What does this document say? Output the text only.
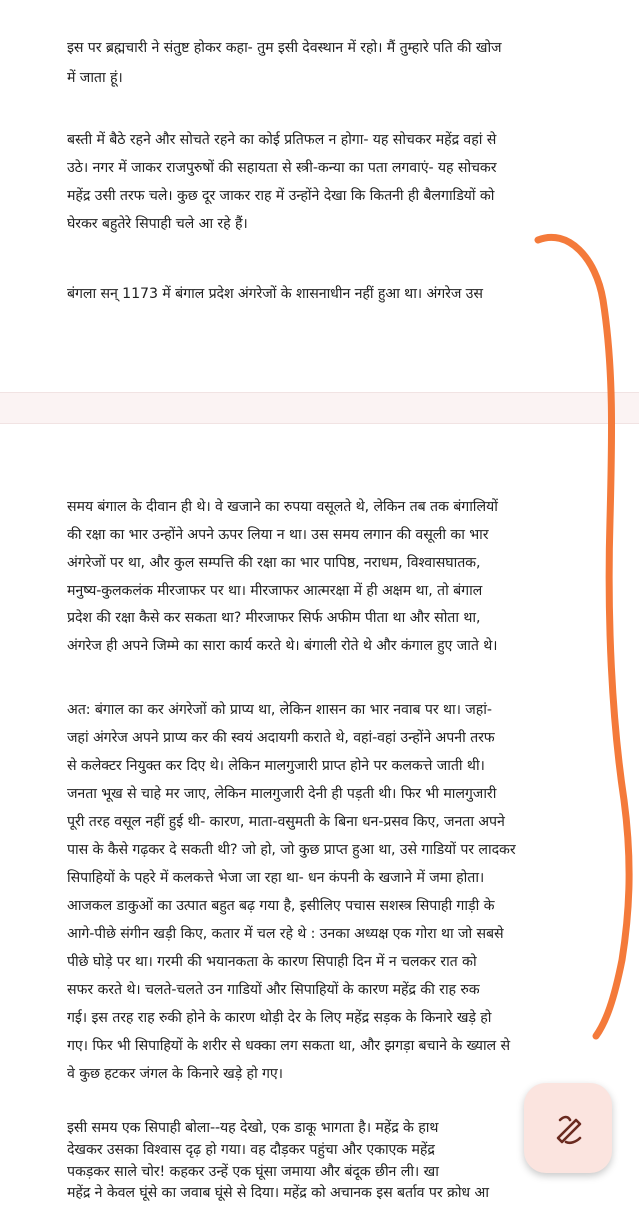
इस पर ब्रह्मचारी ने संतुष्ट होकर कहा- तुम इसी देवस्थान में रहो। मैं तुम्हारे पति की खोज
में जाता हूं।
बस्ती में बैठे रहने और सोचते रहने का कोई प्रतिफल न होगा- यह सोचकर महेंद्र वहां से
उठे। नगर में जाकर राजपुरुषों की सहायता से स्त्री-कन्या का पता लगवाएं- यह सोचकर
महेंद्र उसी तरफ चले। कुछ दूर जाकर राह में उन्होंने देखा कि कितनी ही बैलगाडियों को
घेरकर बहुतेरे सिपाही चले आ रहे हैं।
बंगला सन् 1173 में बंगाल प्रदेश अंगरेजों के शासनाधीन नहीं हुआ था। अंगरेज उस
समय बंगाल के दीवान ही थे। वे खजाने का रुपया वसूलते थे, लेकिन तब तक बंगालियों
की रक्षा का भार उन्होंने अपने ऊपर लिया न था। उस समय लगान की वसूली का भार
अंगरेजों पर था, और कुल सम्पत्ति की रक्षा का भार पापिष्ठ, नराधम, विश्वासघातक,
मनुष्य-कुलकलंक मीरजाफर पर था। मीरजाफर आत्मरक्षा में ही अक्षम था, तो बंगाल
प्रदेश की रक्षा कैसे कर सकता था? मीरजाफर सिर्फ अफीम पीता था और सोता था,
अंगरेज ही अपने जिम्मे का सारा कार्य करते थे। बंगाली रोते थे और कंगाल हुए जाते थे।
अत: बंगाल का कर अंगरेजों को प्राप्य था, लेकिन शासन का भार नवाब पर था। जहां-
जहां अंगरेज अपने प्राप्य कर की स्वयं अदायगी कराते थे, वहां-वहां उन्होंने अपनी तरफ
से कलेक्टर नियुक्त कर दिए थे। लेकिन मालगुजारी प्राप्त होने पर कलकत्ते जाती थी।
जनता भूख से चाहे मर जाए, लेकिन मालगुजारी देनी ही पड़ती थी। फिर भी मालगुजारी
पूरी तरह वसूल नहीं हुई थी- कारण, माता-वसुमती के बिना धन-प्रसव किए, जनता अपने
पास के कैसे गढ़कर दे सकती थी? जो हो, जो कुछ प्राप्त हुआ था, उसे गाडियों पर लादकर
सिपाहियों के पहरे में कलकत्ते भेजा जा रहा था- धन कंपनी के खजाने में जमा होता।
आजकल डाकुओं का उत्पात बहुत बढ़ गया है, इसीलिए पचास सशस्त्र सिपाही गाड़ी के
आगे-पीछे संगीन खड़ी किए, कतार में चल रहे थे : उनका अध्यक्ष एक गोरा था जो सबसे
पीछे घोड़े पर था। गरमी की भयानकता के कारण सिपाही दिन में न चलकर रात को
सफर करते थे। चलते-चलते उन गाडियों और सिपाहियों के कारण महेंद्र की राह रुक
गई। इस तरह राह रुकी होने के कारण थोड़ी देर के लिए महेंद्र सड़क के किनारे खड़े हो
गए। फिर भी सिपाहियों के शरीर से धक्का लग सकता था, और झगड़ा बचाने के ख्याल से
वे कुछ हटकर जंगल के किनारे खड़े हो गए।
इसी समय एक सिपाही बोला--यह देखो, एक डाकू भागता है। महेंद्र के हाथ
देखकर उसका विश्वास दृढ़ हो गया। वह दौड़कर पहुंचा और एकाएक महेंद्र
पकड़कर साले चोर! कहकर उन्हें एक घूंसा जमाया और बंदूक छीन ली। खा
महेंद्र ने केवल घूंसे का जवाब घूंसे से दिया। महेंद्र को अचानक इस बर्ताव पर क्रोध आ
